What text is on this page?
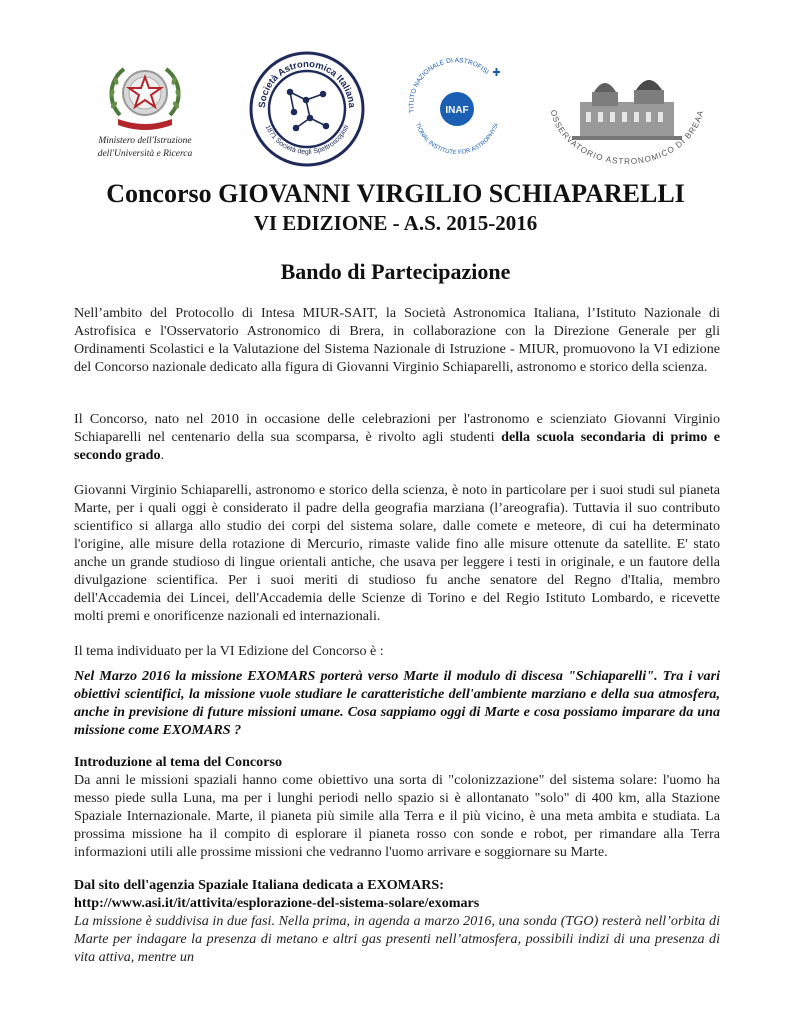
Ministero dell'Istruzione
dell'Università e Ricerca
Società Astronomica Italiana
1871 Società degli Spettroscopisti
TITUTO NAZIONALE DI ASTROFISI
TIONAL INSTITUTE FOR ASTROPHYSI
INAF	OSSERVATORIO ASTRONOMICO DI BREAA
Concorso GIOVANNI VIRGILIO SCHIAPARELLI
VI EDIZIONE - A.S. 2015-2016
Bando di Partecipazione

Nell’ambito del Protocollo di Intesa MIUR-SAIT, la Società Astronomica Italiana, l’Istituto Nazionale di Astrofisica e l'Osservatorio Astronomico di Brera, in collaborazione con la Direzione Generale per gli Ordinamenti Scolastici e la Valutazione del Sistema Nazionale di Istruzione - MIUR, promuovono la VI edizione del Concorso nazionale dedicato alla figura di Giovanni Virginio Schiaparelli, astronomo e storico della scienza.

Il Concorso, nato nel 2010 in occasione delle celebrazioni per l'astronomo e scienziato Giovanni Virginio Schiaparelli nel centenario della sua scomparsa, è rivolto agli studenti della scuola secondaria di primo e secondo grado.

Giovanni Virginio Schiaparelli, astronomo e storico della scienza, è noto in particolare per i suoi studi sul pianeta Marte, per i quali oggi è considerato il padre della geografia marziana (l’areografia). Tuttavia il suo contributo scientifico si allarga allo studio dei corpi del sistema solare, dalle comete e meteore, di cui ha determinato l'origine, alle misure della rotazione di Mercurio, rimaste valide fino alle misure ottenute da satellite. E' stato anche un grande studioso di lingue orientali antiche, che usava per leggere i testi in originale, e un fautore della divulgazione scientifica. Per i suoi meriti di studioso fu anche senatore del Regno d'Italia, membro dell'Accademia dei Lincei, dell'Accademia delle Scienze di Torino e del Regio Istituto Lombardo, e ricevette molti premi e onorificenze nazionali ed internazionali.

Il tema individuato per la VI Edizione del Concorso è :

Nel Marzo 2016 la missione EXOMARS porterà verso Marte il modulo di discesa "Schiaparelli". Tra i vari obiettivi scientifici, la missione vuole studiare le caratteristiche dell'ambiente marziano e della sua atmosfera, anche in previsione di future missioni umane. Cosa sappiamo oggi di Marte e cosa possiamo imparare da una missione come EXOMARS ?

Introduzione al tema del Concorso

Da anni le missioni spaziali hanno come obiettivo una sorta di "colonizzazione" del sistema solare: l'uomo ha messo piede sulla Luna, ma per i lunghi periodi nello spazio si è allontanato "solo" di 400 km, alla Stazione Spaziale Internazionale. Marte, il pianeta più simile alla Terra e il più vicino, è una meta ambita e studiata. La prossima missione ha il compito di esplorare il pianeta rosso con sonde e robot, per rimandare alla Terra informazioni utili alle prossime missioni che vedranno l'uomo arrivare e soggiornare su Marte.

Dal sito dell'agenzia Spaziale Italiana dedicata a EXOMARS:

http://www.asi.it/it/attivita/esplorazione-del-sistema-solare/exomars

La missione è suddivisa in due fasi. Nella prima, in agenda a marzo 2016, una sonda (TGO) resterà nell’orbita di Marte per indagare la presenza di metano e altri gas presenti nell’atmosfera, possibili indizi di una presenza di vita attiva, mentre un
